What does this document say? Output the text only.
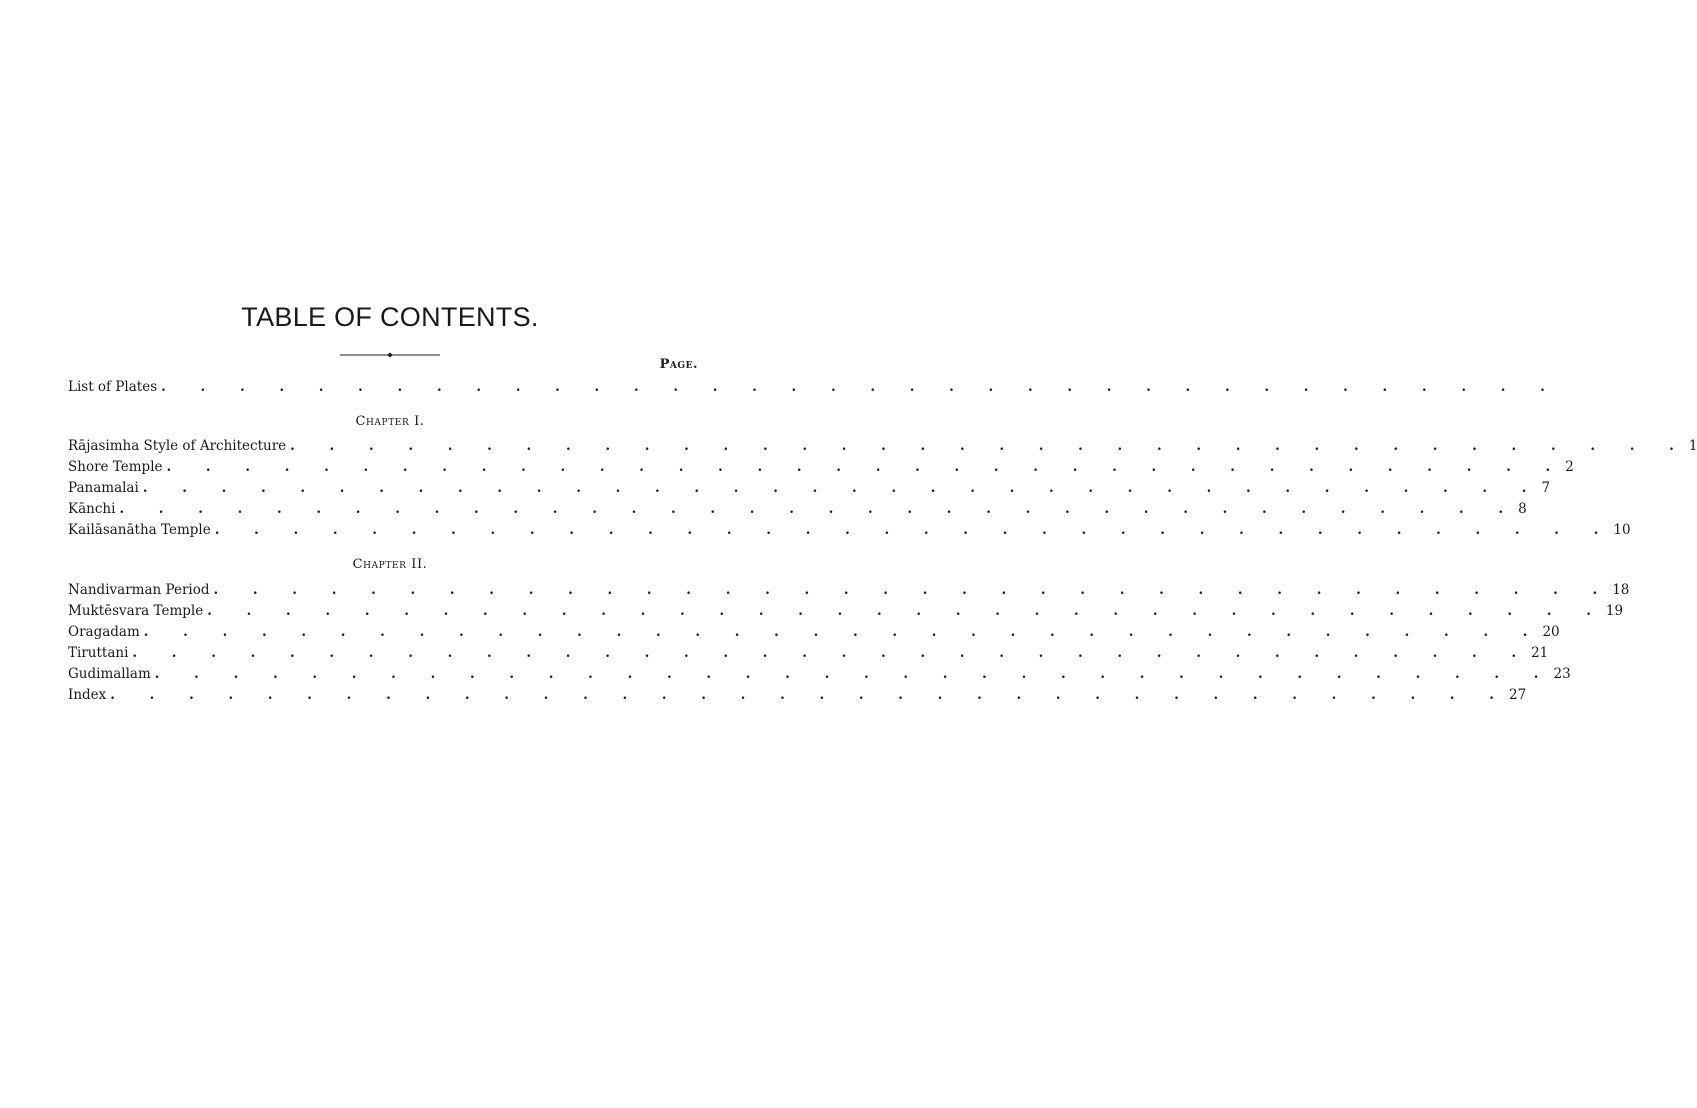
TABLE OF CONTENTS.
Page.
List of Plates . . . . . . . . . . . . . . . . . . . . . . . . . . . . . . . . . . . .
Chapter I.
Rājasimha Style of Architecture . . . . . . . . . . . . . . . . . . . . . . . . . . . . . . . . . . . . 1
Shore Temple . . . . . . . . . . . . . . . . . . . . . . . . . . . . . . . . . . . . 2
Panamalai . . . . . . . . . . . . . . . . . . . . . . . . . . . . . . . . . . . . 7
Kānchi . . . . . . . . . . . . . . . . . . . . . . . . . . . . . . . . . . . . 8
Kailāsanātha Temple . . . . . . . . . . . . . . . . . . . . . . . . . . . . . . . . . . . . 10
Chapter II.
Nandivarman Period . . . . . . . . . . . . . . . . . . . . . . . . . . . . . . . . . . . . 18
Muktēsvara Temple . . . . . . . . . . . . . . . . . . . . . . . . . . . . . . . . . . . . 19
Oragadam . . . . . . . . . . . . . . . . . . . . . . . . . . . . . . . . . . . . 20
Tiruttani . . . . . . . . . . . . . . . . . . . . . . . . . . . . . . . . . . . . 21
Gudimallam . . . . . . . . . . . . . . . . . . . . . . . . . . . . . . . . . . . . 23
Index . . . . . . . . . . . . . . . . . . . . . . . . . . . . . . . . . . . . 27
